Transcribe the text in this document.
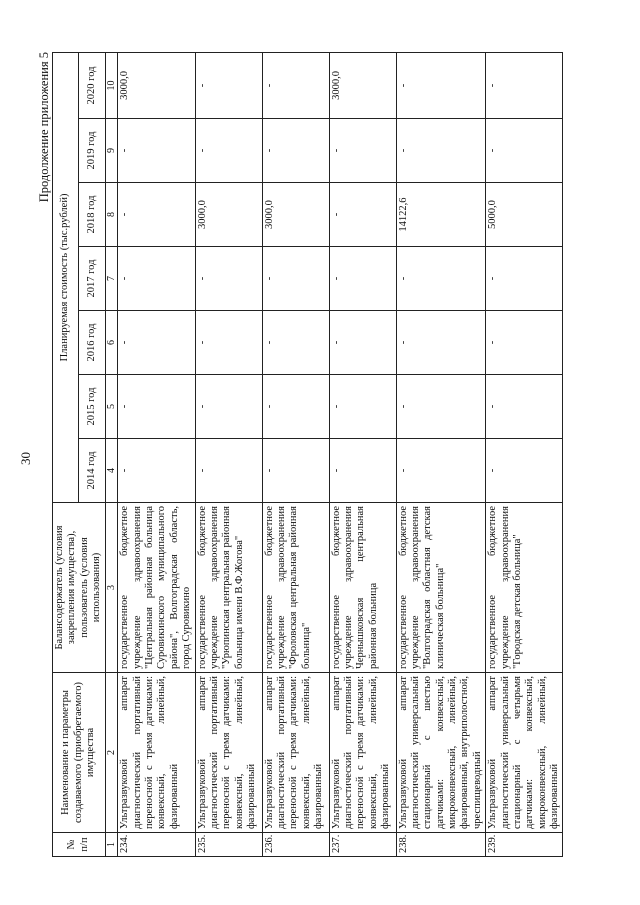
30
Продолжение приложения 5
№ п/п	Наименование и параметры создаваемого (приобретаемого) имущества	Балансодержатель (условия закрепления имущества), пользователь (условия использования)	Планируемая стоимость (тыс.рублей)						
			2014 год	2015 год	2016 год	2017 год	2018 год	2019 год	2020 год
1	2	3	4	5	6	7	8	9	10
234.	Ультразвуковой аппарат диагностический портативный переносной с тремя датчиками: конвексный, линейный, фазированный	государственное бюджетное учреждение здравоохранения "Центральная районная больница Суровикинского муниципального района", Волгоградская область, город Суровикино	-	-	-	-	-	-	3000,0
235.	Ультразвуковой аппарат диагностический портативный переносной с тремя датчиками: конвексный, линейный, фазированный	государственное бюджетное учреждение здравоохранения "Урюпинская центральная районная больница имени В.Ф.Жогова"	-	-	-	-	3000,0	-	-
236.	Ультразвуковой аппарат диагностический портативный переносной с тремя датчиками: конвексный, линейный, фазированный	государственное бюджетное учреждение здравоохранения "Фроловская центральная районная больница"	-	-	-	-	3000,0	-	-
237.	Ультразвуковой аппарат диагностический портативный переносной с тремя датчиками: конвексный, линейный, фазированный	государственное бюджетное учреждение здравоохранения Чернышковская центральная районная больница	-	-	-	-	-	-	3000,0
238.	Ультразвуковой аппарат диагностический универсальный стационарный с шестью датчиками: конвексный, микроконвексный, линейный, фазированный, внутриполостной, чреспищеводный	государственное бюджетное учреждение здравоохранения "Волгоградская областная детская клиническая больница"	-	-	-	-	14122,6	-	-
239.	Ультразвуковой аппарат диагностический универсальный стационарный с четырьмя датчиками: конвексный, микроконвексный, линейный, фазированный	государственное бюджетное учреждение здравоохранения "Городская детская больница"	-	-	-	-	5000,0	-	-
